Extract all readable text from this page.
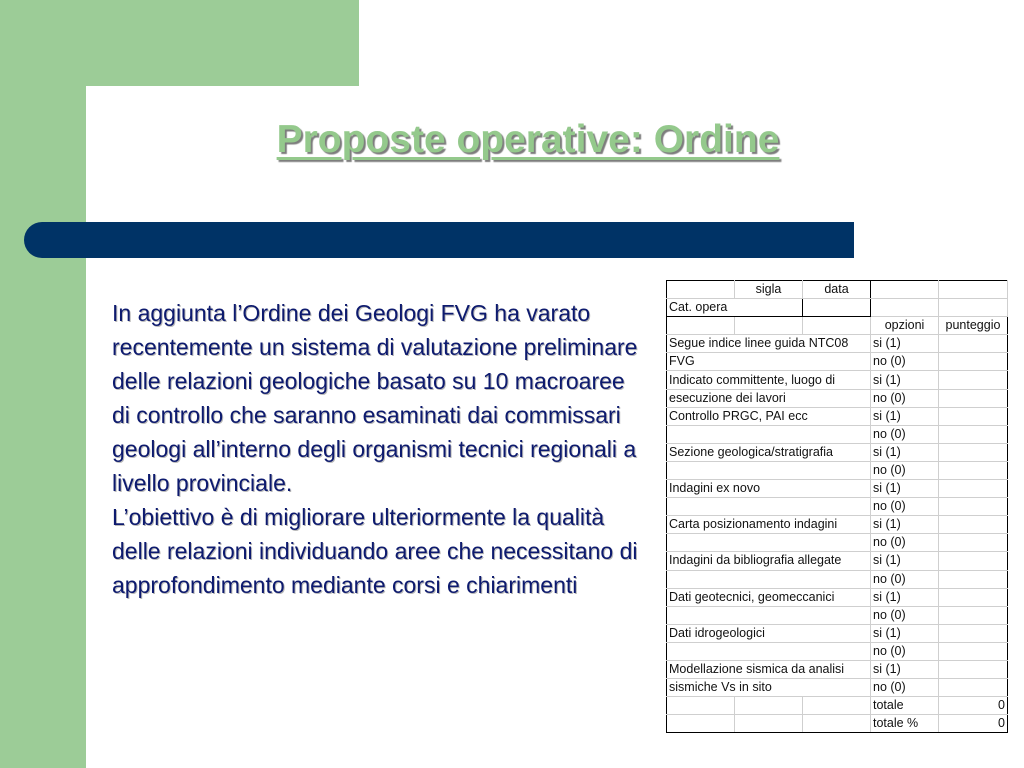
Proposte operative: Ordine

In aggiunta l’Ordine dei Geologi FVG ha varato recentemente un sistema di valutazione preliminare delle relazioni geologiche basato su 10 macroaree di controllo che saranno esaminati dai commissari geologi all’interno degli organismi tecnici regionali a livello provinciale.

L’obiettivo è di migliorare ulteriormente la qualità delle relazioni individuando aree che necessitano di approfondimento mediante corsi e chiarimenti

	sigla	data		
Cat. opera				
			opzioni	punteggio
Segue indice linee guida NTC08			si (1)	
FVG			no (0)	
Indicato committente, luogo di			si (1)	
esecuzione dei lavori			no (0)	
Controllo PRGC, PAI ecc			si (1)	
			no (0)	
Sezione geologica/stratigrafia			si (1)	
			no (0)	
Indagini ex novo			si (1)	
			no (0)	
Carta posizionamento indagini			si (1)	
			no (0)	
Indagini da bibliografia allegate			si (1)	
			no (0)	
Dati geotecnici, geomeccanici			si (1)	
			no (0)	
Dati idrogeologici			si (1)	
			no (0)	
Modellazione sismica da analisi			si (1)	
sismiche Vs in sito			no (0)	
			totale	0
			totale %	0
